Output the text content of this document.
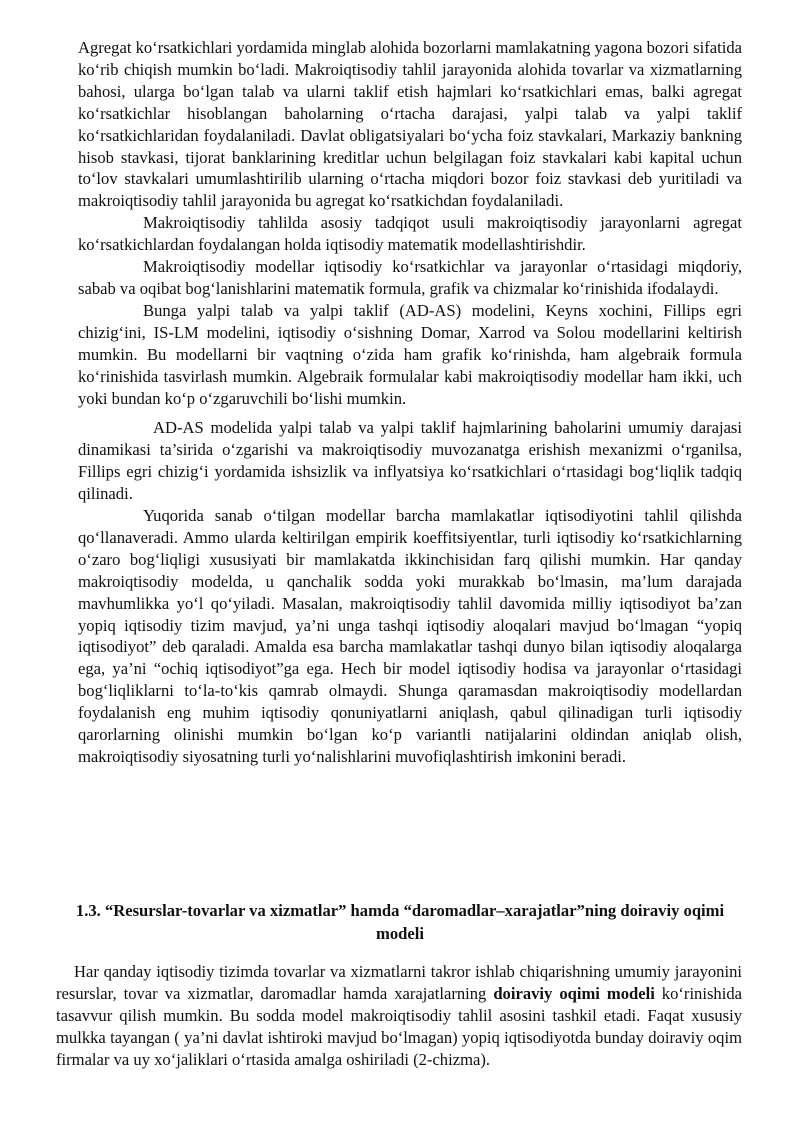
Agregat ko‘rsatkichlari yordamida minglab alohida bozorlarni mamlakatning yagona bozori sifatida ko‘rib chiqish mumkin bo‘ladi. Makroiqtisodiy tahlil jarayonida alohida tovarlar va xizmatlarning bahosi, ularga bo‘lgan talab va ularni taklif etish hajmlari ko‘rsatkichlari emas, balki agregat ko‘rsatkichlar hisoblangan baholarning o‘rtacha darajasi, yalpi talab va yalpi taklif ko‘rsatkichlaridan foydalaniladi. Davlat obligatsiyalari bo‘ycha foiz stavkalari, Markaziy bankning hisob stavkasi, tijorat banklarining kreditlar uchun belgilagan foiz stavkalari kabi kapital uchun to‘lov stavkalari umumlashtirilib ularning o‘rtacha miqdori bozor foiz stavkasi deb yuritiladi va makroiqtisodiy tahlil jarayonida bu agregat ko‘rsatkichdan foydalaniladi.

Makroiqtisodiy tahlilda asosiy tadqiqot usuli makroiqtisodiy jarayonlarni agregat ko‘rsatkichlardan foydalangan holda iqtisodiy matematik modellashtirishdir.

Makroiqtisodiy modellar iqtisodiy ko‘rsatkichlar va jarayonlar o‘rtasidagi miqdoriy, sabab va oqibat bog‘lanishlarini matematik formula, grafik va chizmalar ko‘rinishida ifodalaydi.

Bunga yalpi talab va yalpi taklif (AD-AS) modelini, Keyns xochini, Fillips egri chizig‘ini, IS-LM modelini, iqtisodiy o‘sishning Domar, Xarrod va Solou modellarini keltirish mumkin. Bu modellarni bir vaqtning o‘zida ham grafik ko‘rinishda, ham algebraik formula ko‘rinishida tasvirlash mumkin. Algebraik formulalar kabi makroiqtisodiy modellar ham ikki, uch yoki bundan ko‘p o‘zgaruvchili bo‘lishi mumkin.

AD-AS modelida yalpi talab va yalpi taklif hajmlarining baholarini umumiy darajasi dinamikasi ta’sirida o‘zgarishi va makroiqtisodiy muvozanatga erishish mexanizmi o‘rganilsa, Fillips egri chizig‘i yordamida ishsizlik va inflyatsiya ko‘rsatkichlari o‘rtasidagi bog‘liqlik tadqiq qilinadi.

Yuqorida sanab o‘tilgan modellar barcha mamlakatlar iqtisodiyotini tahlil qilishda qo‘llanaveradi. Ammo ularda keltirilgan empirik koeffitsiyentlar, turli iqtisodiy ko‘rsatkichlarning o‘zaro bog‘liqligi xususiyati bir mamlakatda ikkinchisidan farq qilishi mumkin. Har qanday makroiqtisodiy modelda, u qanchalik sodda yoki murakkab bo‘lmasin, ma’lum darajada mavhumlikka yo‘l qo‘yiladi. Masalan, makroiqtisodiy tahlil davomida milliy iqtisodiyot ba’zan yopiq iqtisodiy tizim mavjud, ya’ni unga tashqi iqtisodiy aloqalari mavjud bo‘lmagan “yopiq iqtisodiyot” deb qaraladi. Amalda esa barcha mamlakatlar tashqi dunyo bilan iqtisodiy aloqalarga ega, ya’ni “ochiq iqtisodiyot”ga ega. Hech bir model iqtisodiy hodisa va jarayonlar o‘rtasidagi bog‘liqliklarni to‘la-to‘kis qamrab olmaydi. Shunga qaramasdan makroiqtisodiy modellardan foydalanish eng muhim iqtisodiy qonuniyatlarni aniqlash, qabul qilinadigan turli iqtisodiy qarorlarning olinishi mumkin bo‘lgan ko‘p variantli natijalarini oldindan aniqlab olish, makroiqtisodiy siyosatning turli yo‘nalishlarini muvofiqlashtirish imkonini beradi.

1.3. “Resurslar-tovarlar va xizmatlar” hamda “daromadlar–xarajatlar”ning doiraviy oqimi modeli

Har qanday iqtisodiy tizimda tovarlar va xizmatlarni takror ishlab chiqarishning umumiy jarayonini resurslar, tovar va xizmatlar, daromadlar hamda xarajatlarning doiraviy oqimi modeli ko‘rinishida tasavvur qilish mumkin. Bu sodda model makroiqtisodiy tahlil asosini tashkil etadi. Faqat xususiy mulkka tayangan ( ya’ni davlat ishtiroki mavjud bo‘lmagan) yopiq iqtisodiyotda bunday doiraviy oqim firmalar va uy xo‘jaliklari o‘rtasida amalga oshiriladi (2-chizma).
